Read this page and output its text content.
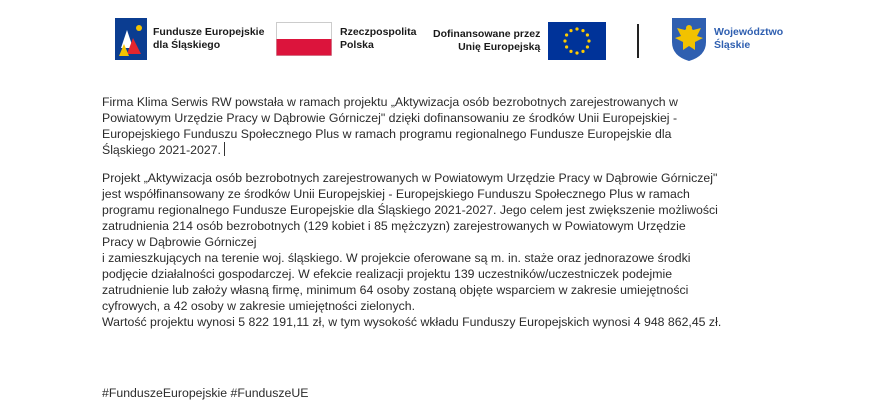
Fundusze Europejskie
dla Śląskiego
Rzeczpospolita
Polska
Dofinansowane przez
Unię Europejską
Województwo
Śląskie
Firma Klima Serwis RW powstała w ramach projektu „Aktywizacja osób bezrobotnych zarejestrowanych w
Powiatowym Urzędzie Pracy w Dąbrowie Górniczej" dzięki dofinansowaniu ze środków Unii Europejskiej -
Europejskiego Funduszu Społecznego Plus w ramach programu regionalnego Fundusze Europejskie dla
Śląskiego 2021-2027.
Projekt „Aktywizacja osób bezrobotnych zarejestrowanych w Powiatowym Urzędzie Pracy w Dąbrowie Górniczej"
jest współfinansowany ze środków Unii Europejskiej - Europejskiego Funduszu Społecznego Plus w ramach
programu regionalnego Fundusze Europejskie dla Śląskiego 2021-2027. Jego celem jest zwiększenie możliwości
zatrudnienia 214 osób bezrobotnych (129 kobiet i 85 mężczyzn) zarejestrowanych w Powiatowym Urzędzie
Pracy w Dąbrowie Górniczej
i zamieszkujących na terenie woj. śląskiego. W projekcie oferowane są m. in. staże oraz jednorazowe środki
podjęcie działalności gospodarczej. W efekcie realizacji projektu 139 uczestników/uczestniczek podejmie
zatrudnienie lub założy własną firmę, minimum 64 osoby zostaną objęte wsparciem w zakresie umiejętności
cyfrowych, a 42 osoby w zakresie umiejętności zielonych.
Wartość projektu wynosi 5 822 191,11 zł, w tym wysokość wkładu Funduszy Europejskich wynosi 4 948 862,45 zł.
#FunduszeEuropejskie #FunduszeUE
